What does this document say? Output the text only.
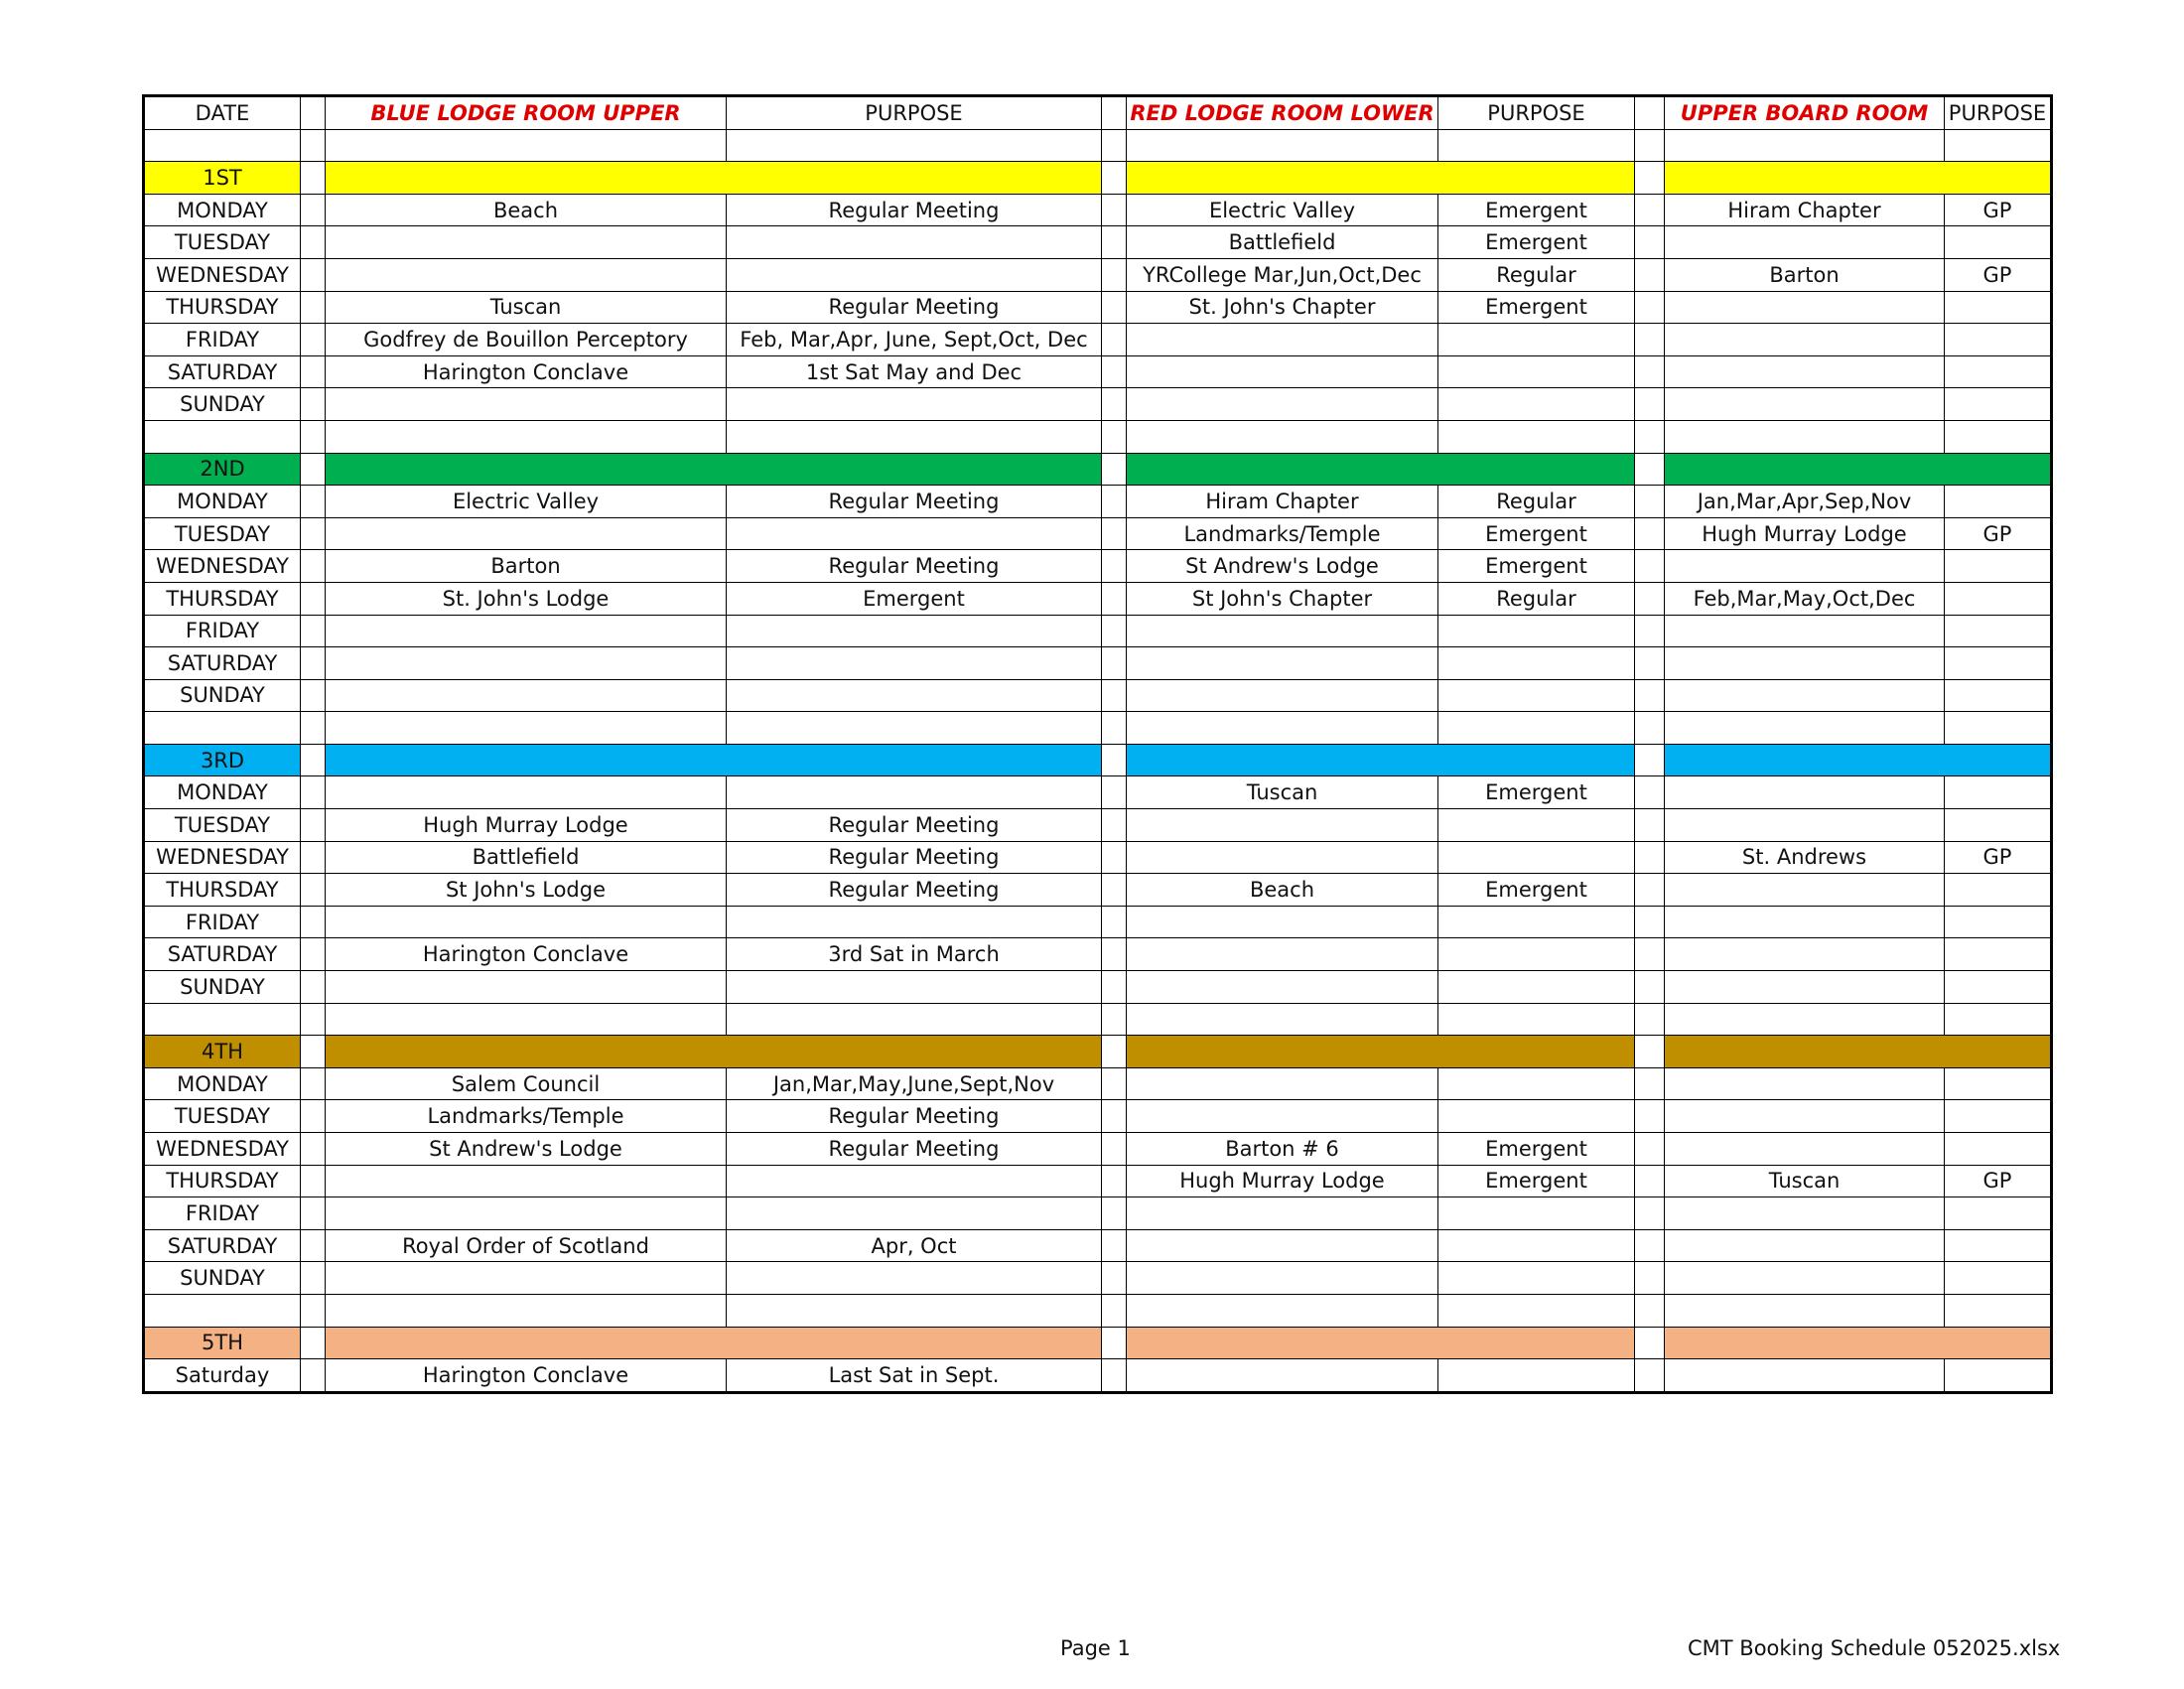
DATE		BLUE LODGE ROOM UPPER	PURPOSE		RED LODGE ROOM LOWER	PURPOSE		UPPER BOARD ROOM	PURPOSE

1ST									
MONDAY		Beach	Regular Meeting		Electric Valley	Emergent		Hiram Chapter	GP
TUESDAY					Battlefield	Emergent			
WEDNESDAY					YRCollege Mar,Jun,Oct,Dec	Regular		Barton	GP
THURSDAY		Tuscan	Regular Meeting		St. John's Chapter	Emergent			
FRIDAY		Godfrey de Bouillon Perceptory	Feb, Mar,Apr, June, Sept,Oct, Dec						
SATURDAY		Harington Conclave	1st Sat May and Dec						
SUNDAY									

2ND									
MONDAY		Electric Valley	Regular Meeting		Hiram Chapter	Regular		Jan,Mar,Apr,Sep,Nov	
TUESDAY					Landmarks/Temple	Emergent		Hugh Murray Lodge	GP
WEDNESDAY		Barton	Regular Meeting		St Andrew's Lodge	Emergent			
THURSDAY		St. John's Lodge	Emergent		St John's Chapter	Regular		Feb,Mar,May,Oct,Dec	
FRIDAY									
SATURDAY									
SUNDAY									

3RD									
MONDAY					Tuscan	Emergent			
TUESDAY		Hugh Murray Lodge	Regular Meeting						
WEDNESDAY		Battlefield	Regular Meeting					St. Andrews	GP
THURSDAY		St John's Lodge	Regular Meeting		Beach	Emergent			
FRIDAY									
SATURDAY		Harington Conclave	3rd Sat in March						
SUNDAY									

4TH									
MONDAY		Salem Council	Jan,Mar,May,June,Sept,Nov						
TUESDAY		Landmarks/Temple	Regular Meeting						
WEDNESDAY		St Andrew's Lodge	Regular Meeting		Barton # 6	Emergent			
THURSDAY					Hugh Murray Lodge	Emergent		Tuscan	GP
FRIDAY									
SATURDAY		Royal Order of Scotland	Apr, Oct						
SUNDAY									

5TH									
Saturday		Harington Conclave	Last Sat in Sept.						
Page 1	CMT Booking Schedule 052025.xlsx
